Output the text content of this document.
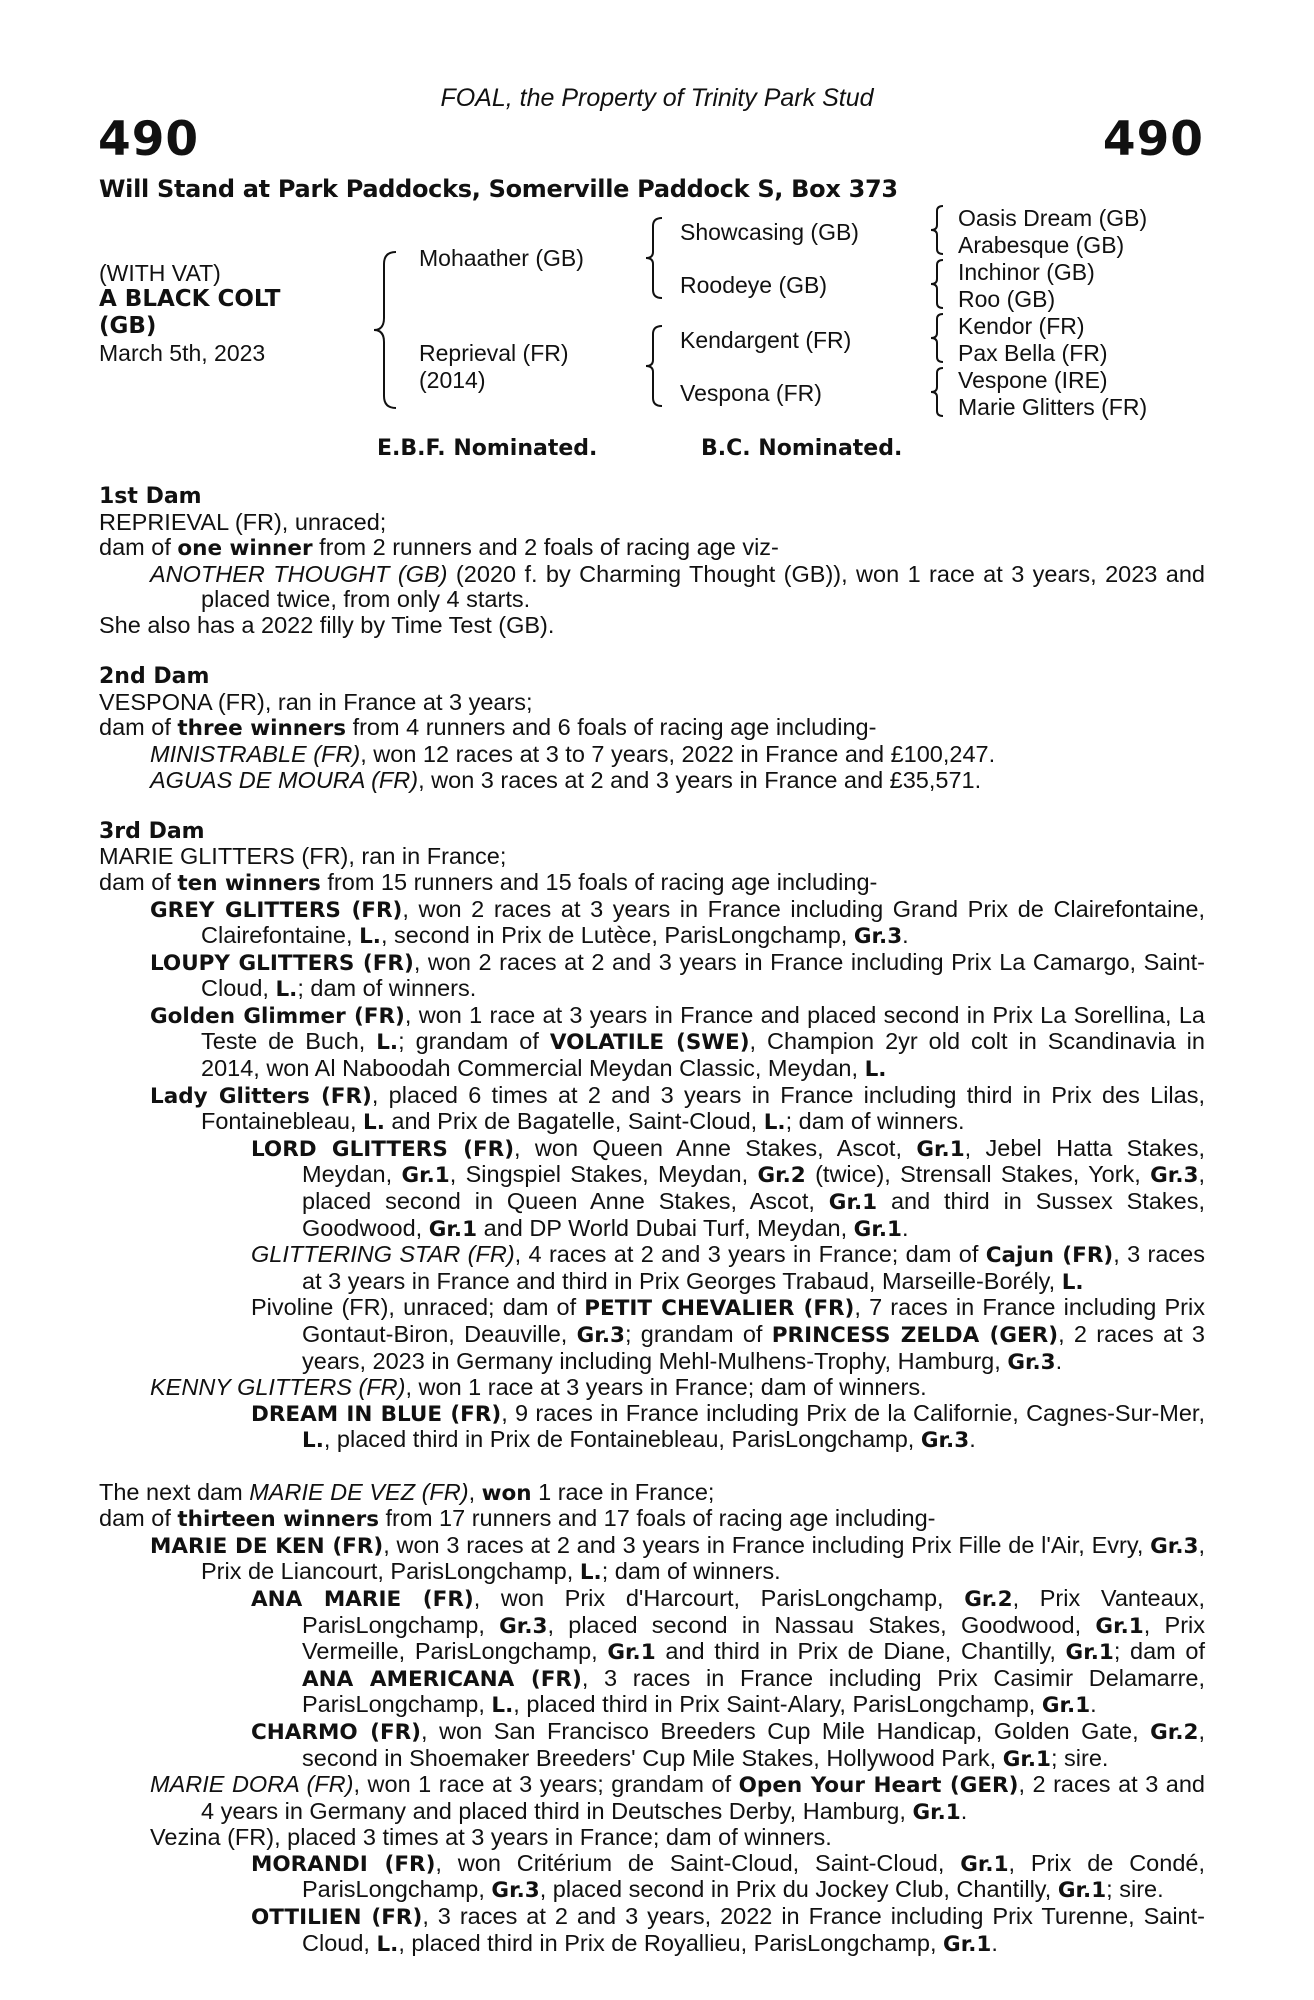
FOAL, the Property of Trinity Park Stud
490	490
Will Stand at Park Paddocks, Somerville Paddock S, Box 373
(WITH VAT)
A BLACK COLT
(GB)
March 5th, 2023
Mohaather (GB)
Reprieval (FR)
(2014)
Showcasing (GB)
Roodeye (GB)
Kendargent (FR)
Vespona (FR)
Oasis Dream (GB)
Arabesque (GB)
Inchinor (GB)
Roo (GB)
Kendor (FR)
Pax Bella (FR)
Vespone (IRE)
Marie Glitters (FR)
E.B.F. Nominated.	B.C. Nominated.
1st Dam
REPRIEVAL (FR), unraced;
dam of one winner from 2 runners and 2 foals of racing age viz-
ANOTHER THOUGHT (GB) (2020 f. by Charming Thought (GB)), won 1 race at 3 years, 2023 and placed twice, from only 4 starts.
She also has a 2022 filly by Time Test (GB).
2nd Dam
VESPONA (FR), ran in France at 3 years;
dam of three winners from 4 runners and 6 foals of racing age including-
MINISTRABLE (FR), won 12 races at 3 to 7 years, 2022 in France and £100,247.
AGUAS DE MOURA (FR), won 3 races at 2 and 3 years in France and £35,571.
3rd Dam
MARIE GLITTERS (FR), ran in France;
dam of ten winners from 15 runners and 15 foals of racing age including-
GREY GLITTERS (FR), won 2 races at 3 years in France including Grand Prix de Clairefontaine, Clairefontaine, L., second in Prix de Lutèce, ParisLongchamp, Gr.3.
LOUPY GLITTERS (FR), won 2 races at 2 and 3 years in France including Prix La Camargo, Saint-Cloud, L.; dam of winners.
Golden Glimmer (FR), won 1 race at 3 years in France and placed second in Prix La Sorellina, La Teste de Buch, L.; grandam of VOLATILE (SWE), Champion 2yr old colt in Scandinavia in 2014, won Al Naboodah Commercial Meydan Classic, Meydan, L.
Lady Glitters (FR), placed 6 times at 2 and 3 years in France including third in Prix des Lilas, Fontainebleau, L. and Prix de Bagatelle, Saint-Cloud, L.; dam of winners.
LORD GLITTERS (FR), won Queen Anne Stakes, Ascot, Gr.1, Jebel Hatta Stakes, Meydan, Gr.1, Singspiel Stakes, Meydan, Gr.2 (twice), Strensall Stakes, York, Gr.3, placed second in Queen Anne Stakes, Ascot, Gr.1 and third in Sussex Stakes, Goodwood, Gr.1 and DP World Dubai Turf, Meydan, Gr.1.
GLITTERING STAR (FR), 4 races at 2 and 3 years in France; dam of Cajun (FR), 3 races at 3 years in France and third in Prix Georges Trabaud, Marseille-Borély, L.
Pivoline (FR), unraced; dam of PETIT CHEVALIER (FR), 7 races in France including Prix Gontaut-Biron, Deauville, Gr.3; grandam of PRINCESS ZELDA (GER), 2 races at 3 years, 2023 in Germany including Mehl-Mulhens-Trophy, Hamburg, Gr.3.
KENNY GLITTERS (FR), won 1 race at 3 years in France; dam of winners.
DREAM IN BLUE (FR), 9 races in France including Prix de la Californie, Cagnes-Sur-Mer, L., placed third in Prix de Fontainebleau, ParisLongchamp, Gr.3.
The next dam MARIE DE VEZ (FR), won 1 race in France;
dam of thirteen winners from 17 runners and 17 foals of racing age including-
MARIE DE KEN (FR), won 3 races at 2 and 3 years in France including Prix Fille de l'Air, Evry, Gr.3, Prix de Liancourt, ParisLongchamp, L.; dam of winners.
ANA MARIE (FR), won Prix d'Harcourt, ParisLongchamp, Gr.2, Prix Vanteaux, ParisLongchamp, Gr.3, placed second in Nassau Stakes, Goodwood, Gr.1, Prix Vermeille, ParisLongchamp, Gr.1 and third in Prix de Diane, Chantilly, Gr.1; dam of ANA AMERICANA (FR), 3 races in France including Prix Casimir Delamarre, ParisLongchamp, L., placed third in Prix Saint-Alary, ParisLongchamp, Gr.1.
CHARMO (FR), won San Francisco Breeders Cup Mile Handicap, Golden Gate, Gr.2, second in Shoemaker Breeders' Cup Mile Stakes, Hollywood Park, Gr.1; sire.
MARIE DORA (FR), won 1 race at 3 years; grandam of Open Your Heart (GER), 2 races at 3 and 4 years in Germany and placed third in Deutsches Derby, Hamburg, Gr.1.
Vezina (FR), placed 3 times at 3 years in France; dam of winners.
MORANDI (FR), won Critérium de Saint-Cloud, Saint-Cloud, Gr.1, Prix de Condé, ParisLongchamp, Gr.3, placed second in Prix du Jockey Club, Chantilly, Gr.1; sire.
OTTILIEN (FR), 3 races at 2 and 3 years, 2022 in France including Prix Turenne, Saint-Cloud, L., placed third in Prix de Royallieu, ParisLongchamp, Gr.1.
